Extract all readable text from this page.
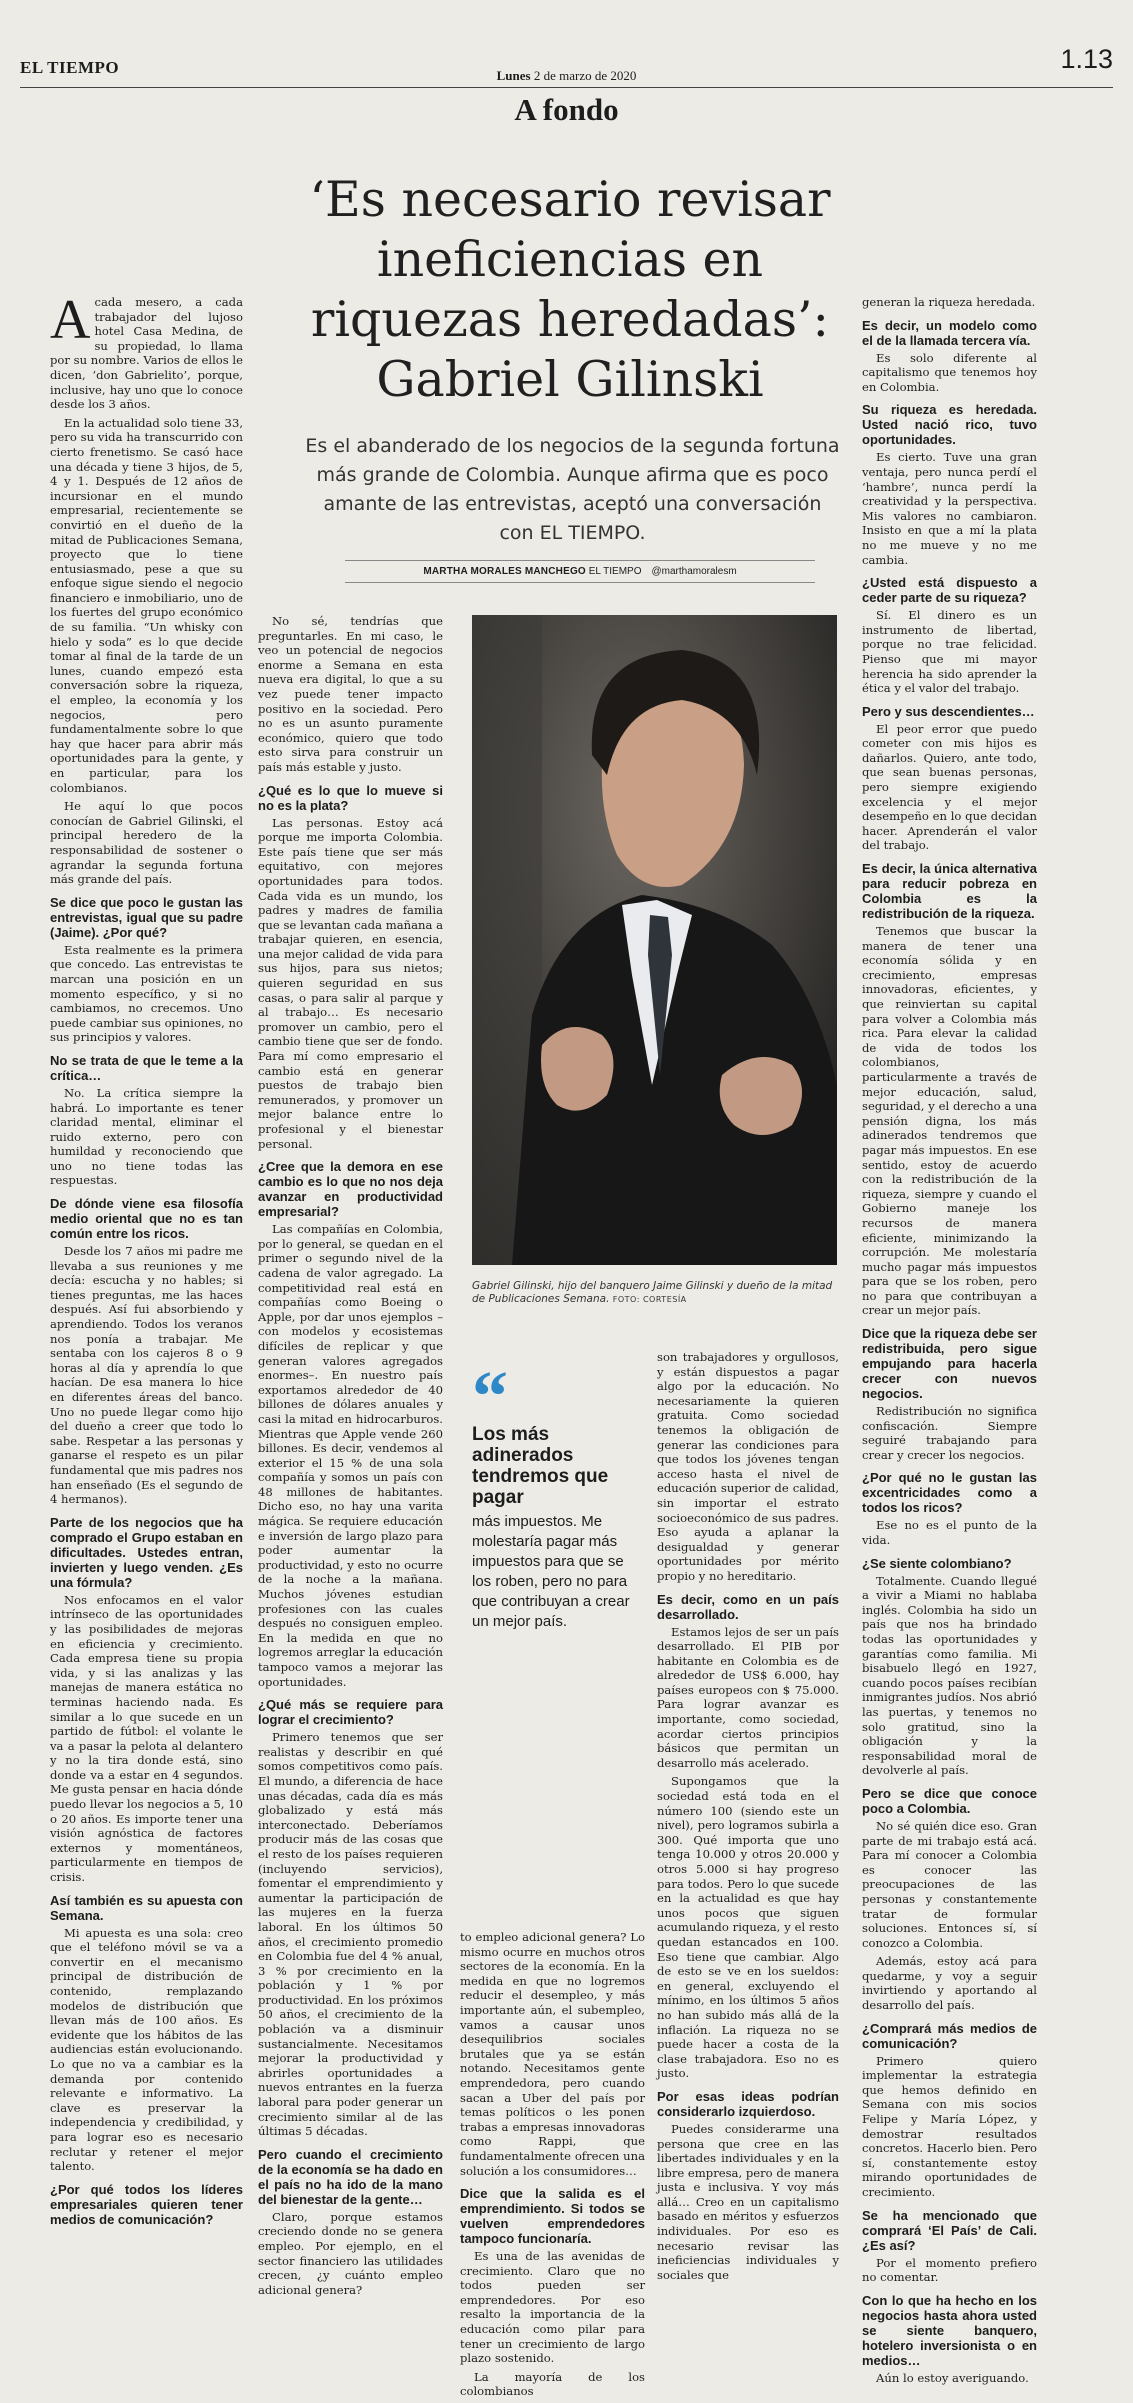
EL TIEMPO	1.13
Lunes 2 de marzo de 2020
A fondo
‘Es necesario revisar ineficiencias en riquezas heredadas’: Gabriel Gilinski
Es el abanderado de los negocios de la segunda fortuna más grande de Colombia. Aunque afirma que es poco amante de las entrevistas, aceptó una conversación con EL TIEMPO.
MARTHA MORALES MANCHEGO EL TIEMPO @marthamoralesm

Acada mesero, a cada trabajador del lujoso hotel Casa Medina, de su propiedad, lo llama por su nombre. Varios de ellos le dicen, ‘don Gabrielito’, porque, inclusive, hay uno que lo conoce desde los 3 años.

En la actualidad solo tiene 33, pero su vida ha transcurrido con cierto frenetismo. Se casó hace una década y tiene 3 hijos, de 5, 4 y 1. Después de 12 años de incursionar en el mundo empresarial, recientemente se convirtió en el dueño de la mitad de Publicaciones Semana, proyecto que lo tiene entusiasmado, pese a que su enfoque sigue siendo el negocio financiero e inmobiliario, uno de los fuertes del grupo económico de su familia. “Un whisky con hielo y soda” es lo que decide tomar al final de la tarde de un lunes, cuando empezó esta conversación sobre la riqueza, el empleo, la economía y los negocios, pero fundamentalmente sobre lo que hay que hacer para abrir más oportunidades para la gente, y en particular, para los colombianos.

He aquí lo que pocos conocían de Gabriel Gilinski, el principal heredero de la responsabilidad de sostener o agrandar la segunda fortuna más grande del país.

Se dice que poco le gustan las entrevistas, igual que su padre (Jaime). ¿Por qué?

Esta realmente es la primera que concedo. Las entrevistas te marcan una posición en un momento específico, y si no cambiamos, no crecemos. Uno puede cambiar sus opiniones, no sus principios y valores.

No se trata de que le teme a la crítica…

No. La crítica siempre la habrá. Lo importante es tener claridad mental, eliminar el ruido externo, pero con humildad y reconociendo que uno no tiene todas las respuestas.

De dónde viene esa filosofía medio oriental que no es tan común entre los ricos.

Desde los 7 años mi padre me llevaba a sus reuniones y me decía: escucha y no hables; si tienes preguntas, me las haces después. Así fui absorbiendo y aprendiendo. Todos los veranos nos ponía a trabajar. Me sentaba con los cajeros 8 o 9 horas al día y aprendía lo que hacían. De esa manera lo hice en diferentes áreas del banco. Uno no puede llegar como hijo del dueño a creer que todo lo sabe. Respetar a las personas y ganarse el respeto es un pilar fundamental que mis padres nos han enseñado (Es el segundo de 4 hermanos).

Parte de los negocios que ha comprado el Grupo estaban en dificultades. Ustedes entran, invierten y luego venden. ¿Es una fórmula?

Nos enfocamos en el valor intrínseco de las oportunidades y las posibilidades de mejoras en eficiencia y crecimiento. Cada empresa tiene su propia vida, y si las analizas y las manejas de manera estática no terminas haciendo nada. Es similar a lo que sucede en un partido de fútbol: el volante le va a pasar la pelota al delantero y no la tira donde está, sino donde va a estar en 4 segundos. Me gusta pensar en hacia dónde puedo llevar los negocios a 5, 10 o 20 años. Es importe tener una visión agnóstica de factores externos y momentáneos, particularmente en tiempos de crisis.

Así también es su apuesta con Semana.

Mi apuesta es una sola: creo que el teléfono móvil se va a convertir en el mecanismo principal de distribución de contenido, remplazando modelos de distribución que llevan más de 100 años. Es evidente que los hábitos de las audiencias están evolucionando. Lo que no va a cambiar es la demanda por contenido relevante e informativo. La clave es preservar la independencia y credibilidad, y para lograr eso es necesario reclutar y retener el mejor talento.

¿Por qué todos los líderes empresariales quieren tener medios de comunicación?

No sé, tendrías que preguntarles. En mi caso, le veo un potencial de negocios enorme a Semana en esta nueva era digital, lo que a su vez puede tener impacto positivo en la sociedad. Pero no es un asunto puramente económico, quiero que todo esto sirva para construir un país más estable y justo.

¿Qué es lo que lo mueve si no es la plata?

Las personas. Estoy acá porque me importa Colombia. Este país tiene que ser más equitativo, con mejores oportunidades para todos. Cada vida es un mundo, los padres y madres de familia que se levantan cada mañana a trabajar quieren, en esencia, una mejor calidad de vida para sus hijos, para sus nietos; quieren seguridad en sus casas, o para salir al parque y al trabajo… Es necesario promover un cambio, pero el cambio tiene que ser de fondo. Para mí como empresario el cambio está en generar puestos de trabajo bien remunerados, y promover un mejor balance entre lo profesional y el bienestar personal.

¿Cree que la demora en ese cambio es lo que no nos deja avanzar en productividad empresarial?

Las compañías en Colombia, por lo general, se quedan en el primer o segundo nivel de la cadena de valor agregado. La competitividad real está en compañías como Boeing o Apple, por dar unos ejemplos –con modelos y ecosistemas difíciles de replicar y que generan valores agregados enormes–. En nuestro país exportamos alrededor de 40 billones de dólares anuales y casi la mitad en hidrocarburos. Mientras que Apple vende 260 billones. Es decir, vendemos al exterior el 15 % de una sola compañía y somos un país con 48 millones de habitantes. Dicho eso, no hay una varita mágica. Se requiere educación e inversión de largo plazo para poder aumentar la productividad, y esto no ocurre de la noche a la mañana. Muchos jóvenes estudian profesiones con las cuales después no consiguen empleo. En la medida en que no logremos arreglar la educación tampoco vamos a mejorar las oportunidades.

¿Qué más se requiere para lograr el crecimiento?

Primero tenemos que ser realistas y describir en qué somos competitivos como país. El mundo, a diferencia de hace unas décadas, cada día es más globalizado y está más interconectado. Deberíamos producir más de las cosas que el resto de los países requieren (incluyendo servicios), fomentar el emprendimiento y aumentar la participación de las mujeres en la fuerza laboral. En los últimos 50 años, el crecimiento promedio en Colombia fue del 4 % anual, 3 % por crecimiento en la población y 1 % por productividad. En los próximos 50 años, el crecimiento de la población va a disminuir sustancialmente. Necesitamos mejorar la productividad y abrirles oportunidades a nuevos entrantes en la fuerza laboral para poder generar un crecimiento similar al de las últimas 5 décadas.

Pero cuando el crecimiento de la economía se ha dado en el país no ha ido de la mano del bienestar de la gente…

Claro, porque estamos creciendo donde no se genera empleo. Por ejemplo, en el sector financiero las utilidades crecen, ¿y cuánto empleo adicional genera?

Gabriel Gilinski, hijo del banquero Jaime Gilinski y dueño de la mitad de Publicaciones Semana. FOTO: CORTESÍA
“
Los más adinerados tendremos que pagar
más impuestos. Me molestaría pagar más impuestos para que se los roben, pero no para que contribuyan a crear un mejor país.

to empleo adicional genera? Lo mismo ocurre en muchos otros sectores de la economía. En la medida en que no logremos reducir el desempleo, y más importante aún, el subempleo, vamos a causar unos desequilibrios sociales brutales que ya se están notando. Necesitamos gente emprendedora, pero cuando sacan a Uber del país por temas políticos o les ponen trabas a empresas innovadoras como Rappi, que fundamentalmente ofrecen una solución a los consumidores…

Dice que la salida es el emprendimiento. Si todos se vuelven emprendedores tampoco funcionaría.

Es una de las avenidas de crecimiento. Claro que no todos pueden ser emprendedores. Por eso resalto la importancia de la educación como pilar para tener un crecimiento de largo plazo sostenido.

La mayoría de los colombianos

son trabajadores y orgullosos, y están dispuestos a pagar algo por la educación. No necesariamente la quieren gratuita. Como sociedad tenemos la obligación de generar las condiciones para que todos los jóvenes tengan acceso hasta el nivel de educación superior de calidad, sin importar el estrato socioeconómico de sus padres. Eso ayuda a aplanar la desigualdad y generar oportunidades por mérito propio y no hereditario.

Es decir, como en un país desarrollado.

Estamos lejos de ser un país desarrollado. El PIB por habitante en Colombia es de alrededor de US$ 6.000, hay países europeos con $ 75.000. Para lograr avanzar es importante, como sociedad, acordar ciertos principios básicos que permitan un desarrollo más acelerado.

Supongamos que la sociedad está toda en el número 100 (siendo este un nivel), pero logramos subirla a 300. Qué importa que uno tenga 10.000 y otros 20.000 y otros 5.000 si hay progreso para todos. Pero lo que sucede en la actualidad es que hay unos pocos que siguen acumulando riqueza, y el resto quedan estancados en 100. Eso tiene que cambiar. Algo de esto se ve en los sueldos: en general, excluyendo el mínimo, en los últimos 5 años no han subido más allá de la inflación. La riqueza no se puede hacer a costa de la clase trabajadora. Eso no es justo.

Por esas ideas podrían considerarlo izquierdoso.

Puedes considerarme una persona que cree en las libertades individuales y en la libre empresa, pero de manera justa e inclusiva. Y voy más allá… Creo en un capitalismo basado en méritos y esfuerzos individuales. Por eso es necesario revisar las ineficiencias individuales y sociales que

generan la riqueza heredada.

Es decir, un modelo como el de la llamada tercera vía.

Es solo diferente al capitalismo que tenemos hoy en Colombia.

Su riqueza es heredada. Usted nació rico, tuvo oportunidades.

Es cierto. Tuve una gran ventaja, pero nunca perdí el ‘hambre’, nunca perdí la creatividad y la perspectiva. Mis valores no cambiaron. Insisto en que a mí la plata no me mueve y no me cambia.

¿Usted está dispuesto a ceder parte de su riqueza?

Sí. El dinero es un instrumento de libertad, porque no trae felicidad. Pienso que mi mayor herencia ha sido aprender la ética y el valor del trabajo.

Pero y sus descendientes…

El peor error que puedo cometer con mis hijos es dañarlos. Quiero, ante todo, que sean buenas personas, pero siempre exigiendo excelencia y el mejor desempeño en lo que decidan hacer. Aprenderán el valor del trabajo.

Es decir, la única alternativa para reducir pobreza en Colombia es la redistribución de la riqueza.

Tenemos que buscar la manera de tener una economía sólida y en crecimiento, empresas innovadoras, eficientes, y que reinviertan su capital para volver a Colombia más rica. Para elevar la calidad de vida de todos los colombianos, particularmente a través de mejor educación, salud, seguridad, y el derecho a una pensión digna, los más adinerados tendremos que pagar más impuestos. En ese sentido, estoy de acuerdo con la redistribución de la riqueza, siempre y cuando el Gobierno maneje los recursos de manera eficiente, minimizando la corrupción. Me molestaría mucho pagar más impuestos para que se los roben, pero no para que contribuyan a crear un mejor país.

Dice que la riqueza debe ser redistribuida, pero sigue empujando para hacerla crecer con nuevos negocios.

Redistribución no significa confiscación. Siempre seguiré trabajando para crear y crecer los negocios.

¿Por qué no le gustan las excentricidades como a todos los ricos?

Ese no es el punto de la vida.

¿Se siente colombiano?

Totalmente. Cuando llegué a vivir a Miami no hablaba inglés. Colombia ha sido un país que nos ha brindado todas las oportunidades y garantías como familia. Mi bisabuelo llegó en 1927, cuando pocos países recibían inmigrantes judíos. Nos abrió las puertas, y tenemos no solo gratitud, sino la obligación y la responsabilidad moral de devolverle al país.

Pero se dice que conoce poco a Colombia.

No sé quién dice eso. Gran parte de mi trabajo está acá. Para mí conocer a Colombia es conocer las preocupaciones de las personas y constantemente tratar de formular soluciones. Entonces sí, sí conozco a Colombia.

Además, estoy acá para quedarme, y voy a seguir invirtiendo y aportando al desarrollo del país.

¿Comprará más medios de comunicación?

Primero quiero implementar la estrategia que hemos definido en Semana con mis socios Felipe y María López, y demostrar resultados concretos. Hacerlo bien. Pero sí, constantemente estoy mirando oportunidades de crecimiento.

Se ha mencionado que comprará ‘El País’ de Cali. ¿Es así?

Por el momento prefiero no comentar.

Con lo que ha hecho en los negocios hasta ahora usted se siente banquero, hotelero inversionista o en medios…

Aún lo estoy averiguando.
